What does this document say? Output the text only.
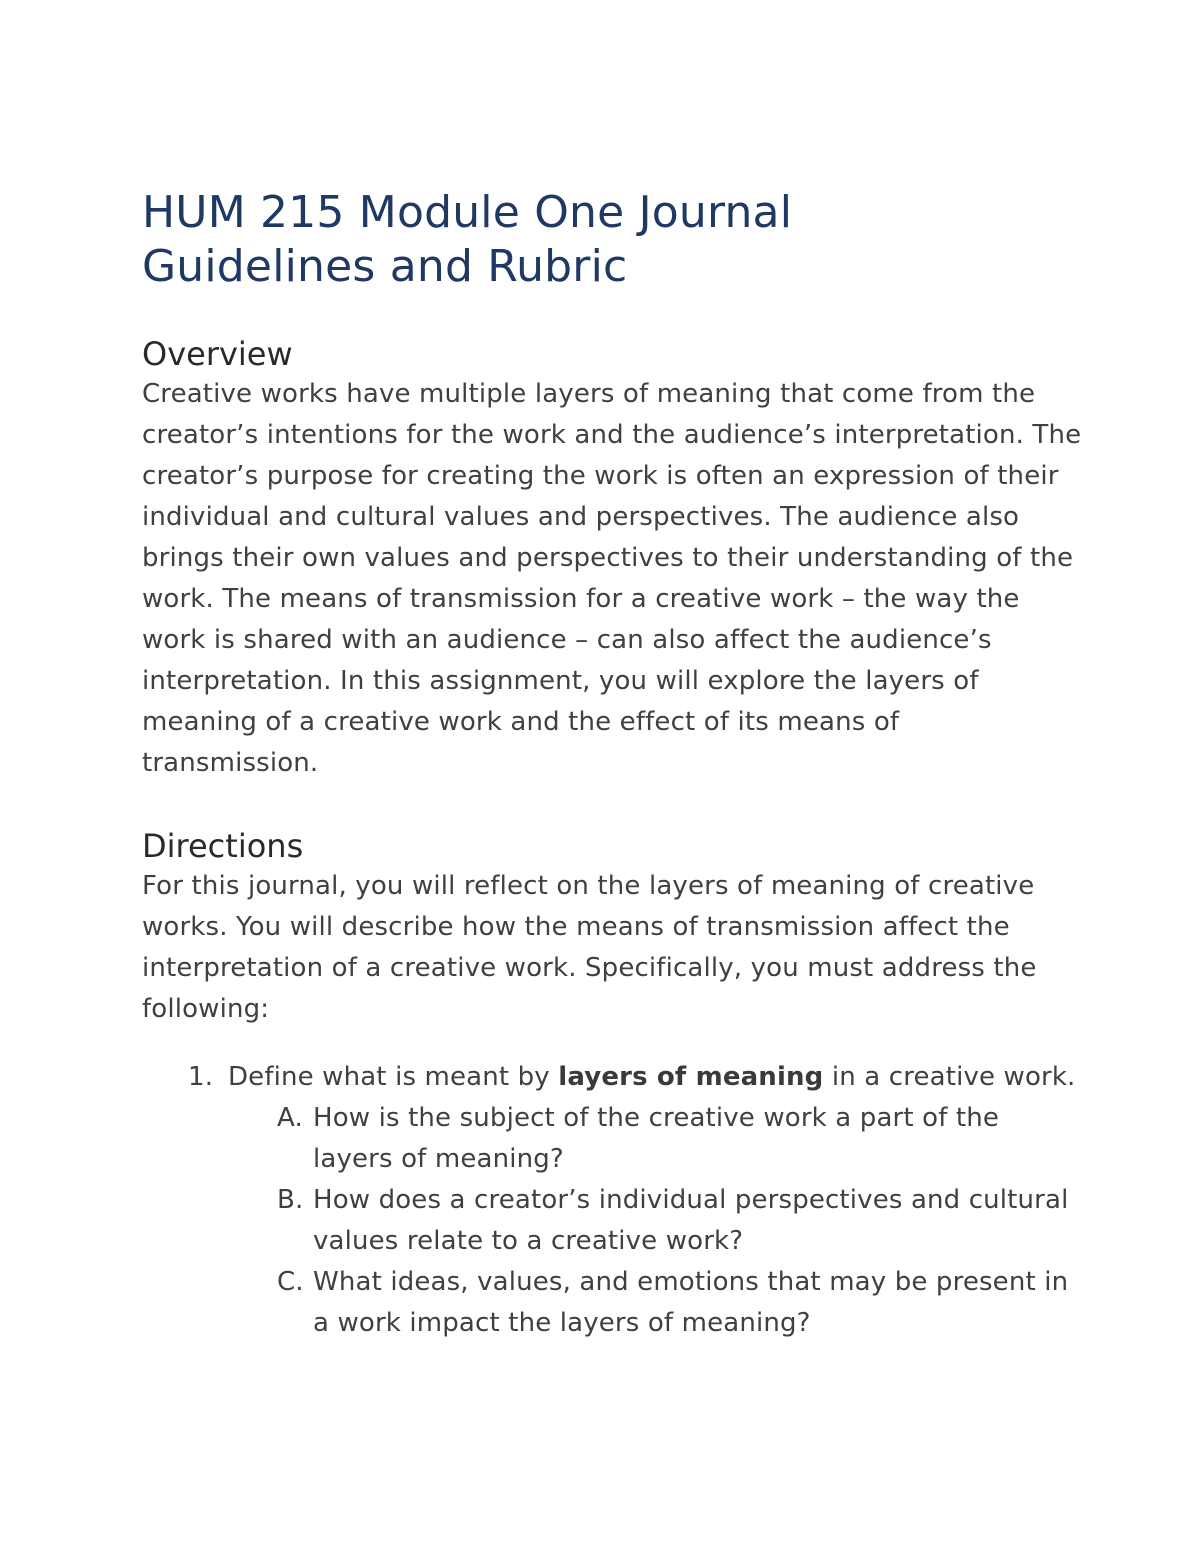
HUM 215 Module One Journal
Guidelines and Rubric
Overview

Creative works have multiple layers of meaning that come from the creator’s intentions for the work and the audience’s interpretation. The creator’s purpose for creating the work is often an expression of their individual and cultural values and perspectives. The audience also brings their own values and perspectives to their understanding of the work. The means of transmission for a creative work – the way the work is shared with an audience – can also affect the audience’s interpretation. In this assignment, you will explore the layers of meaning of a creative work and the effect of its means of transmission.

Directions

For this journal, you will reflect on the layers of meaning of creative works. You will describe how the means of transmission affect the interpretation of a creative work. Specifically, you must address the following:

1. Define what is meant by layers of meaning in a creative work.
A. How is the subject of the creative work a part of the layers of meaning?
B. How does a creator’s individual perspectives and cultural values relate to a creative work?
C. What ideas, values, and emotions that may be present in a work impact the layers of meaning?
